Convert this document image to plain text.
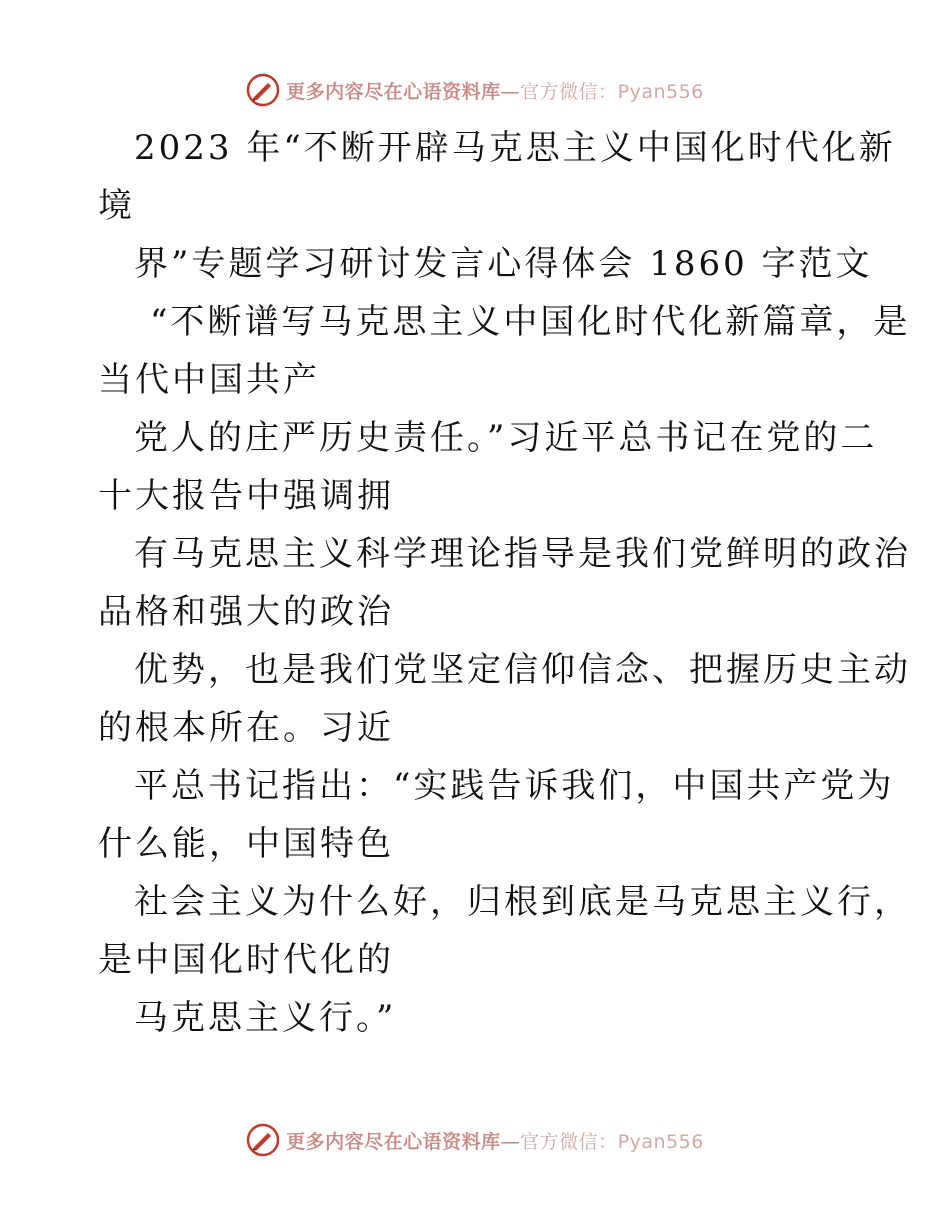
更多内容尽在心语资料库—官方微信：Pyan556
2023 年“不断开辟马克思主义中国化时代化新
境
界”专题学习研讨发言心得体会 1860 字范文
“不断谱写马克思主义中国化时代化新篇章，是
当代中国共产
党人的庄严历史责任。”习近平总书记在党的二
十大报告中强调拥
有马克思主义科学理论指导是我们党鲜明的政治
品格和强大的政治
优势，也是我们党坚定信仰信念、把握历史主动
的根本所在。习近
平总书记指出：“实践告诉我们，中国共产党为
什么能，中国特色
社会主义为什么好，归根到底是马克思主义行，
是中国化时代化的
马克思主义行。”
更多内容尽在心语资料库—官方微信：Pyan556
